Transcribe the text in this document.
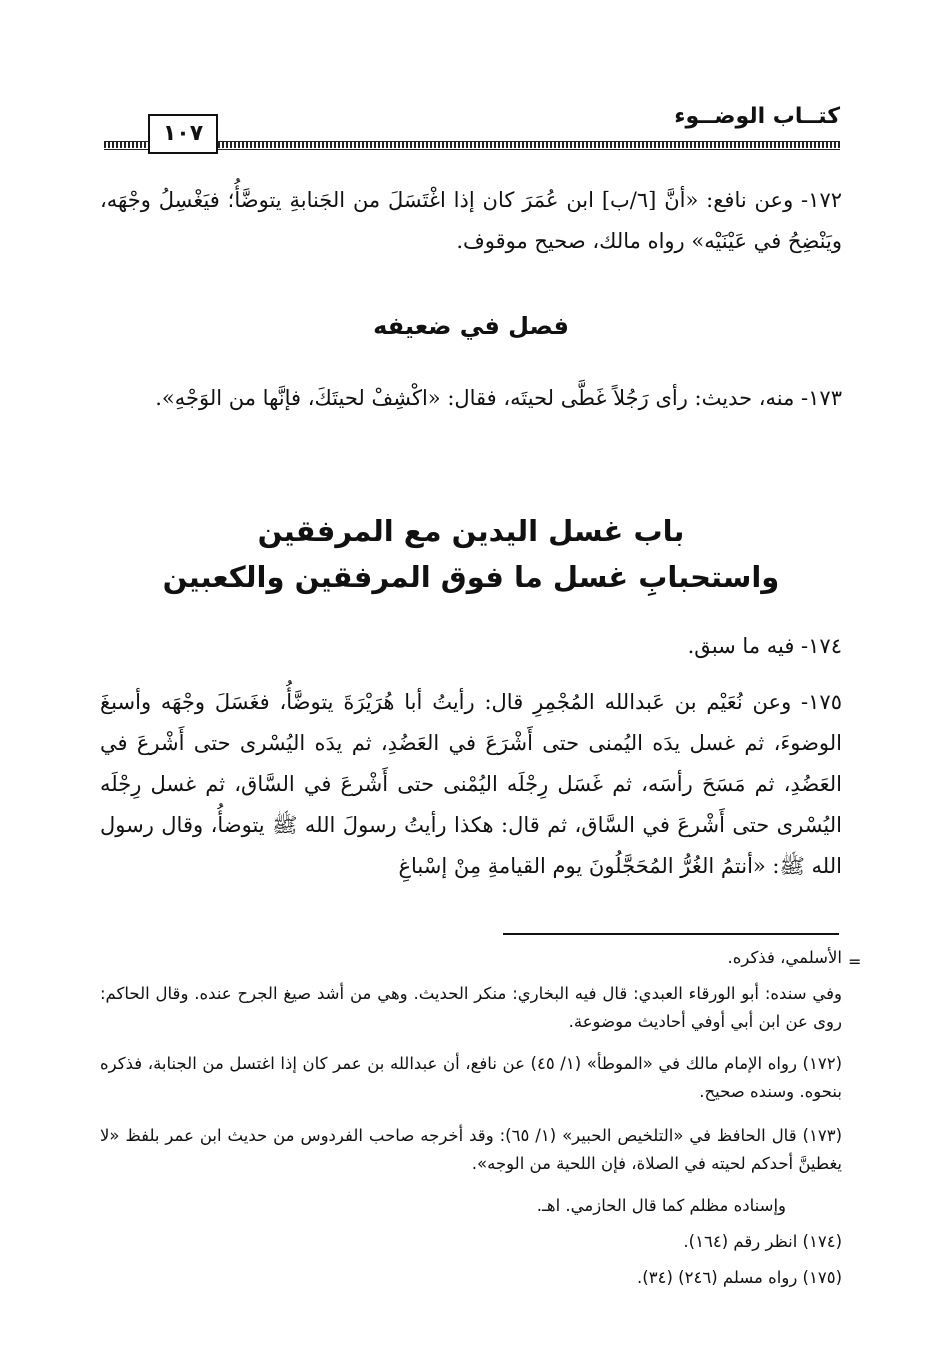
كتــاب الوضــوء
١٠٧
١٧٢- وعن نافع: «أنَّ [٦/ب] ابن عُمَرَ كان إذا اغْتَسَلَ من الجَنابةِ يتوضَّأُ؛ فيَغْسِلُ وجْهَه، ويَنْضِحُ في عَيْنَيْه» رواه مالك، صحيح موقوف.
فصل في ضعيفه
١٧٣- منه، حديث: رأى رَجُلاً غَطَّى لحيتَه، فقال: «اكْشِفْ لحيتَكَ، فإنَّها من الوَجْهِ».
باب غسل اليدين مع المرفقين
واستحبابِ غسل ما فوق المرفقين والكعبين
١٧٤- فيه ما سبق.
١٧٥- وعن نُعَيْم بن عَبدالله المُجْمِرِ قال: رأيتُ أبا هُرَيْرَةَ يتوضَّأُ، فغَسَلَ وجْهَه وأسبغَ الوضوءَ، ثم غسل يدَه اليُمنى حتى أَشْرَعَ في العَضُدِ، ثم يدَه اليُسْرى حتى أَشْرعَ في العَضُدِ، ثم مَسَحَ رأسَه، ثم غَسَل رِجْلَه اليُمْنى حتى أَشْرعَ في السَّاق، ثم غسل رِجْلَه اليُسْرى حتى أَشْرعَ في السَّاق، ثم قال: هكذا رأيتُ رسولَ الله ﷺ يتوضأُ، وقال رسول الله ﷺ: «أنتمُ الغُرُّ المُحَجَّلُونَ يوم القيامةِ مِنْ إسْباغِ
=
الأسلمي، فذكره.
وفي سنده: أبو الورقاء العبدي: قال فيه البخاري: منكر الحديث. وهي من أشد صيغ الجرح عنده. وقال الحاكم: روى عن ابن أبي أوفي أحاديث موضوعة.
(١٧٢) رواه الإمام مالك في «الموطأ» (١/ ٤٥) عن نافع، أن عبدالله بن عمر كان إذا اغتسل من الجنابة، فذكره بنحوه. وسنده صحيح.
(١٧٣) قال الحافظ في «التلخيص الحبير» (١/ ٦٥): وقد أخرجه صاحب الفردوس من حديث ابن عمر بلفظ «لا يغطينَّ أحدكم لحيته في الصلاة، فإن اللحية من الوجه».
وإسناده مظلم كما قال الحازمي. اهـ.
(١٧٤) انظر رقم (١٦٤).
(١٧٥) رواه مسلم (٢٤٦) (٣٤).
